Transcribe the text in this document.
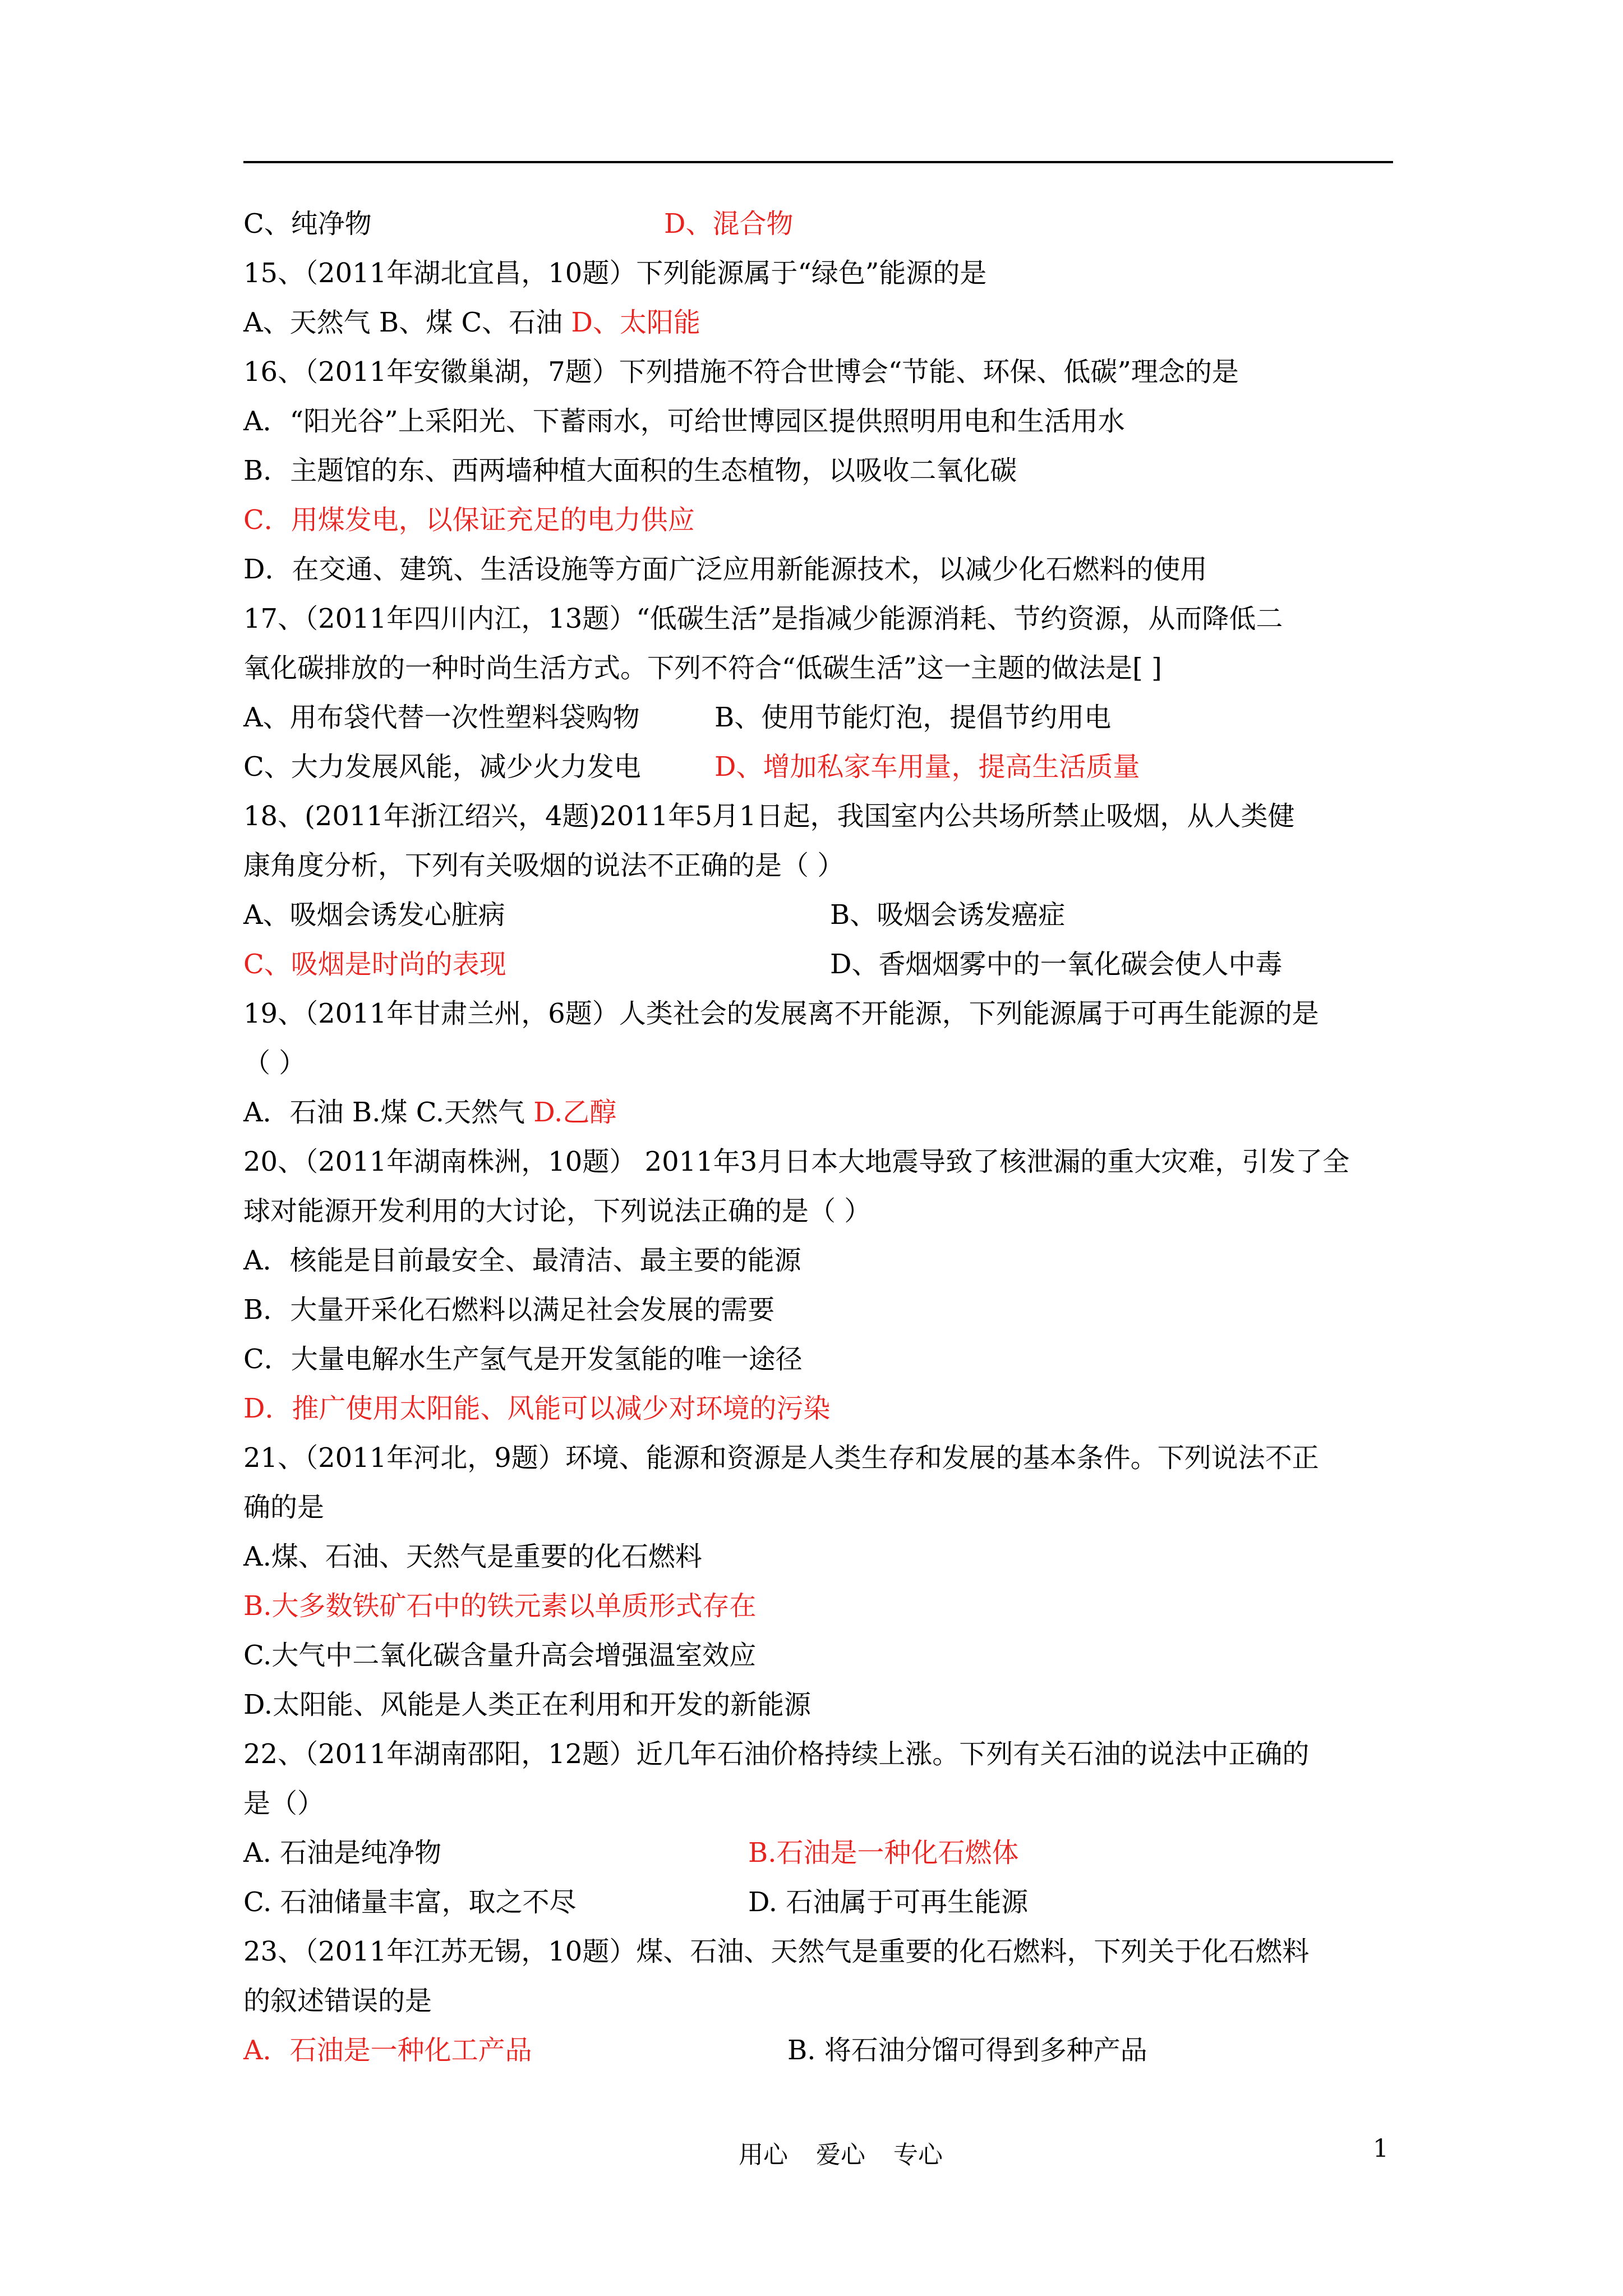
C、纯净物	D、混合物
15、（2011年湖北宜昌，10题）下列能源属于“绿色”能源的是
A、天然气 B、煤 C、石油 D、太阳能
16、（2011年安徽巢湖，7题）下列措施不符合世博会“节能、环保、低碳”理念的是
A．“阳光谷”上采阳光、下蓄雨水，可给世博园区提供照明用电和生活用水
B．主题馆的东、西两墙种植大面积的生态植物，以吸收二氧化碳
C．用煤发电，以保证充足的电力供应
D．在交通、建筑、生活设施等方面广泛应用新能源技术，以减少化石燃料的使用
17、（2011年四川内江，13题）“低碳生活”是指减少能源消耗、节约资源，从而降低二
氧化碳排放的一种时尚生活方式。下列不符合“低碳生活”这一主题的做法是[ ]
A、用布袋代替一次性塑料袋购物	B、使用节能灯泡，提倡节约用电
C、大力发展风能，减少火力发电	D、增加私家车用量，提高生活质量
18、(2011年浙江绍兴，4题)2011年5月1日起，我国室内公共场所禁止吸烟，从人类健
康角度分析，下列有关吸烟的说法不正确的是（ ）
A、吸烟会诱发心脏病	B、吸烟会诱发癌症
C、吸烟是时尚的表现	D、香烟烟雾中的一氧化碳会使人中毒
19、（2011年甘肃兰州，6题）人类社会的发展离不开能源，下列能源属于可再生能源的是
（ ）
A．石油 B.煤 C.天然气 D.乙醇
20、（2011年湖南株洲，10题） 2011年3月日本大地震导致了核泄漏的重大灾难，引发了全
球对能源开发利用的大讨论，下列说法正确的是（ ）
A．核能是目前最安全、最清洁、最主要的能源
B．大量开采化石燃料以满足社会发展的需要
C．大量电解水生产氢气是开发氢能的唯一途径
D．推广使用太阳能、风能可以减少对环境的污染
21、（2011年河北，9题）环境、能源和资源是人类生存和发展的基本条件。下列说法不正
确的是
A.煤、石油、天然气是重要的化石燃料
B.大多数铁矿石中的铁元素以单质形式存在
C.大气中二氧化碳含量升高会增强温室效应
D.太阳能、风能是人类正在利用和开发的新能源
22、（2011年湖南邵阳，12题）近几年石油价格持续上涨。下列有关石油的说法中正确的
是（）
A. 石油是纯净物	B.石油是一种化石燃体
C. 石油储量丰富，取之不尽	D. 石油属于可再生能源
23、（2011年江苏无锡，10题）煤、石油、天然气是重要的化石燃料，下列关于化石燃料
的叙述错误的是
A．石油是一种化工产品	B. 将石油分馏可得到多种产品
用心 爱心 专心	1
